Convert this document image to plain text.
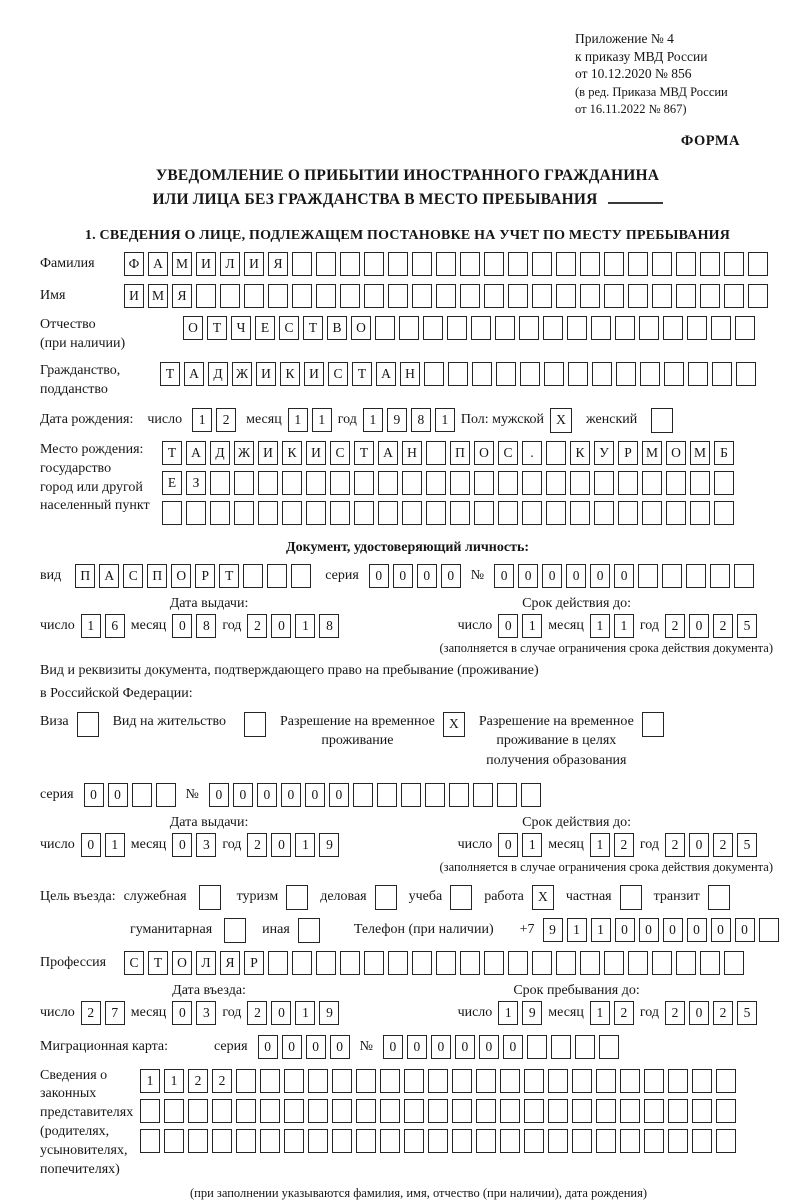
Приложение № 4
к приказу МВД России
от 10.12.2020 № 856
(в ред. Приказа МВД России
от 16.11.2022 № 867)
ФОРМА
УВЕДОМЛЕНИЕ О ПРИБЫТИИ ИНОСТРАННОГО ГРАЖДАНИНА
ИЛИ ЛИЦА БЕЗ ГРАЖДАНСТВА В МЕСТО ПРЕБЫВАНИЯ
1. СВЕДЕНИЯ О ЛИЦЕ, ПОДЛЕЖАЩЕМ ПОСТАНОВКЕ НА УЧЕТ ПО МЕСТУ ПРЕБЫВАНИЯ
Фамилия	Ф	А М И	Л	И	Я
Имя	И М Я
Отчество
(при наличии)
О	Т	Ч	Е	С	Т	В	О
Гражданство,
подданство
Т	А	Д Ж И	К	И	С	Т	А	Н
Дата рождения: число	1	2	месяц 1	1 год 1	9	8	1 Пол: мужской X	женский
Место рождения:
государство
город или другой
населенный пункт
Т	А	Д Ж И	К	И	С	Т	А	Н	П	О	С	.	К	У	Р	М О М	Б

Е	З

Документ, удостоверяющий личность:
вид	П	А	С	П	О	Р	Т	серия	0	0	0	0	№	0	0	0	0	0	0
Дата выдачи:	Срок действия до:
число 1	6 месяц 0	8 год 2	0	1	8	число 0	1 месяц 1	1 год 2	0	2	5
(заполняется в случае ограничения срока действия документа)
Вид и реквизиты документа, подтверждающего право на пребывание (проживание)
в Российской Федерации:
Виза	Вид на жительство	Разрешение на временное
проживание
X	Разрешение на временное
проживание в целях
получения образования
серия	0	0	№	0	0	0	0	0	0
Дата выдачи:	Срок действия до:
число 0	1 месяц 0	3 год 2	0	1	9	число 0	1 месяц 1	2 год 2	0	2	5
(заполняется в случае ограничения срока действия документа)
Цель въезда: служебная	туризм	деловая	учеба	работа	X	частная	транзит
гуманитарная	иная	Телефон (при наличии) +7	9	1	1	0	0	0	0	0	0
Профессия	С	Т	О	Л	Я	Р
Дата въезда:	Срок пребывания до:
число 2	7 месяц 0	3 год 2	0	1	9	число 1	9 месяц 1	2 год 2	0	2	5
Миграционная карта:	серия	0	0	0	0	№	0	0	0	0	0	0
Сведения о
законных
представителях
(родителях,
усыновителях,
попечителях)
1	1	2	2

(при заполнении указываются фамилия, имя, отчество (при наличии), дата рождения)
